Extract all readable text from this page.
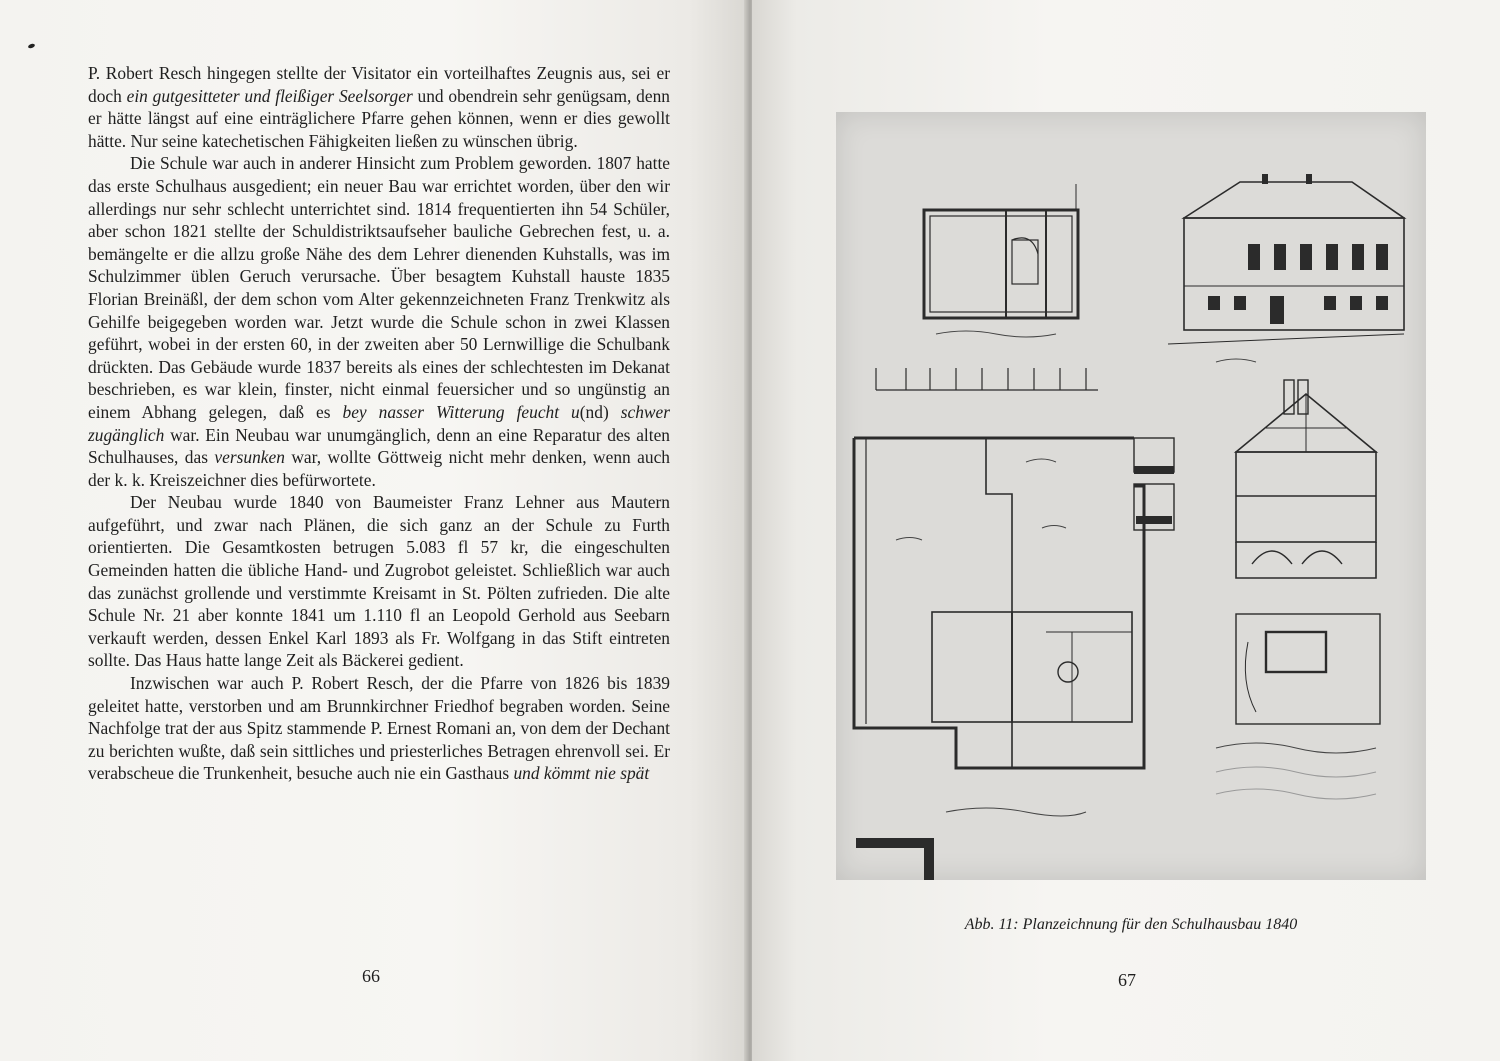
P. Robert Resch hingegen stellte der Visitator ein vorteilhaftes Zeugnis aus, sei er doch ein gutgesitteter und fleißiger Seelsorger und obendrein sehr genügsam, denn er hätte längst auf eine einträglichere Pfarre gehen können, wenn er dies gewollt hätte. Nur seine katechetischen Fähigkeiten ließen zu wünschen übrig.

Die Schule war auch in anderer Hinsicht zum Problem geworden. 1807 hatte das erste Schulhaus ausgedient; ein neuer Bau war errichtet worden, über den wir allerdings nur sehr schlecht unterrichtet sind. 1814 frequentierten ihn 54 Schüler, aber schon 1821 stellte der Schuldistriktsaufseher bauliche Gebrechen fest, u. a. bemängelte er die allzu große Nähe des dem Lehrer dienenden Kuhstalls, was im Schulzimmer üblen Geruch verursache. Über besagtem Kuhstall hauste 1835 Florian Breinäßl, der dem schon vom Alter gekennzeichneten Franz Trenkwitz als Gehilfe beigegeben worden war. Jetzt wurde die Schule schon in zwei Klassen geführt, wobei in der ersten 60, in der zweiten aber 50 Lernwillige die Schulbank drückten. Das Gebäude wurde 1837 bereits als eines der schlechtesten im Dekanat beschrieben, es war klein, finster, nicht einmal feuersicher und so ungünstig an einem Abhang gelegen, daß es bey nasser Witterung feucht u(nd) schwer zugänglich war. Ein Neubau war unumgänglich, denn an eine Reparatur des alten Schulhauses, das versunken war, wollte Göttweig nicht mehr denken, wenn auch der k. k. Kreiszeichner dies befürwortete.

Der Neubau wurde 1840 von Baumeister Franz Lehner aus Mautern aufgeführt, und zwar nach Plänen, die sich ganz an der Schule zu Furth orientierten. Die Gesamtkosten betrugen 5.083 fl 57 kr, die eingeschulten Gemeinden hatten die übliche Hand- und Zugrobot geleistet. Schließlich war auch das zunächst grollende und verstimmte Kreisamt in St. Pölten zufrieden. Die alte Schule Nr. 21 aber konnte 1841 um 1.110 fl an Leopold Gerhold aus Seebarn verkauft werden, dessen Enkel Karl 1893 als Fr. Wolfgang in das Stift eintreten sollte. Das Haus hatte lange Zeit als Bäckerei gedient.

Inzwischen war auch P. Robert Resch, der die Pfarre von 1826 bis 1839 geleitet hatte, verstorben und am Brunnkirchner Friedhof begraben worden. Seine Nachfolge trat der aus Spitz stammende P. Ernest Romani an, von dem der Dechant zu berichten wußte, daß sein sittliches und priesterliches Betragen ehrenvoll sei. Er verabscheue die Trunkenheit, besuche auch nie ein Gasthaus und kömmt nie spät

66
Abb. 11: Planzeichnung für den Schulhausbau 1840
67
